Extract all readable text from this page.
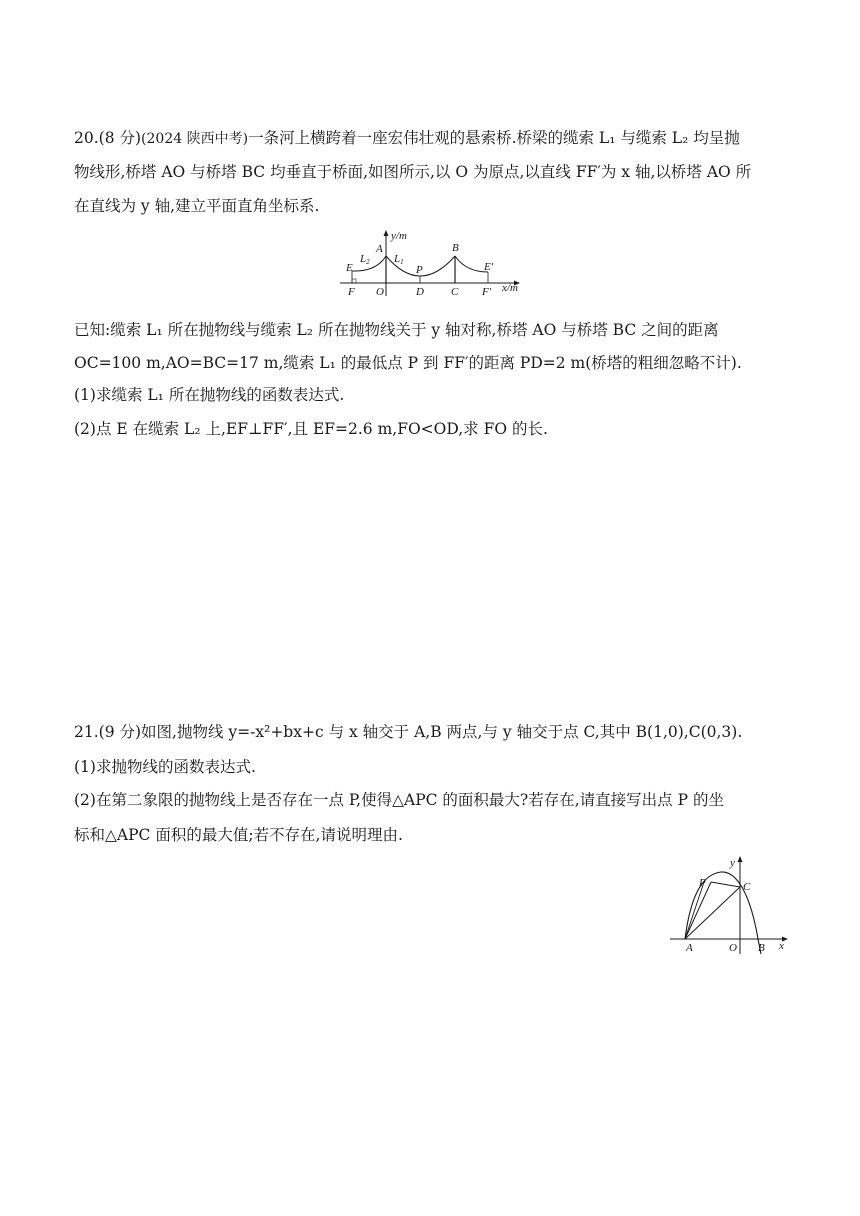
20.(8 分)(2024 陕西中考)一条河上横跨着一座宏伟壮观的悬索桥.桥梁的缆索 L₁ 与缆索 L₂ 均呈抛
物线形,桥塔 AO 与桥塔 BC 均垂直于桥面,如图所示,以 O 为原点,以直线 FF′为 x 轴,以桥塔 AO 所
在直线为 y 轴,建立平面直角坐标系.
y/m
x/m
A	B
P
E	E′
L2 L1
F O	D C F′
已知:缆索 L₁ 所在抛物线与缆索 L₂ 所在抛物线关于 y 轴对称,桥塔 AO 与桥塔 BC 之间的距离
OC=100 m,AO=BC=17 m,缆索 L₁ 的最低点 P 到 FF′的距离 PD=2 m(桥塔的粗细忽略不计).
(1)求缆索 L₁ 所在抛物线的函数表达式.
(2)点 E 在缆索 L₂ 上,EF⊥FF′,且 EF=2.6 m,FO<OD,求 FO 的长.
21.(9 分)如图,抛物线 y=-x²+bx+c 与 x 轴交于 A,B 两点,与 y 轴交于点 C,其中 B(1,0),C(0,3).
(1)求抛物线的函数表达式.
(2)在第二象限的抛物线上是否存在一点 P,使得△APC 的面积最大?若存在,请直接写出点 P 的坐
标和△APC 面积的最大值;若不存在,请说明理由.
y
x
P	C
A	O B
